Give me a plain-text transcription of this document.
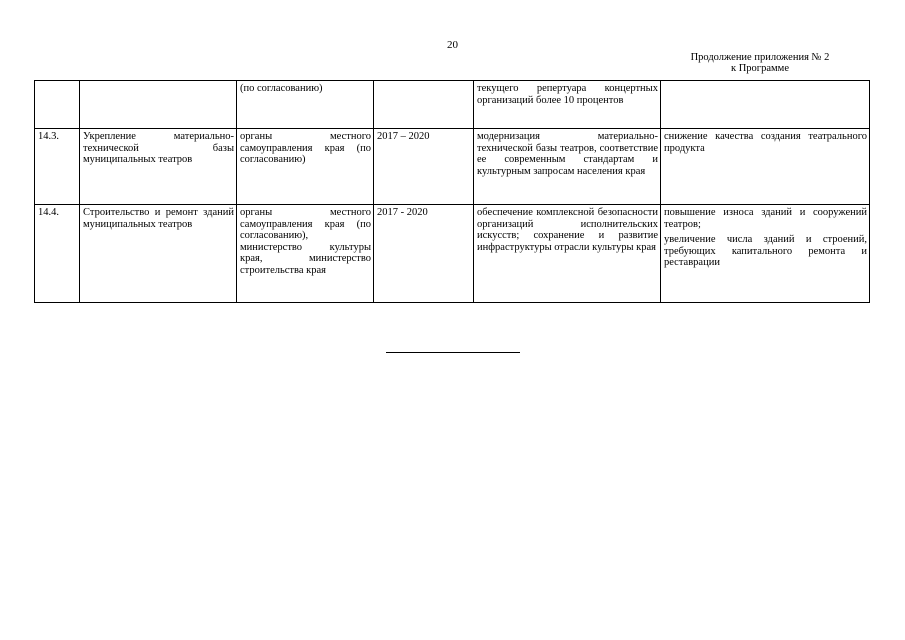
20
Продолжение приложения № 2
к Программе

		(по согласованию)		текущего репертуара концертных организаций более 10 процентов	

14.3.	Укрепление материально-технической базы муниципальных театров	органы местного самоуправления края (по согласованию)	2017 – 2020	модернизация материально-технической базы театров, соответствие ее современным стандартам и культурным запросам населения края	снижение качества создания театрального продукта

14.4.	Строительство и ремонт зданий муниципальных театров	органы местного самоуправления края (по согласованию), министерство культуры края, министерство строительства края	2017 - 2020	обеспечение комплексной безопасности организаций исполнительских искусств; сохранение и развитие инфраструктуры отрасли культуры края	повышение износа зданий и сооружений театров;

увеличение числа зданий и строений, требующих капитального ремонта и реставрации
